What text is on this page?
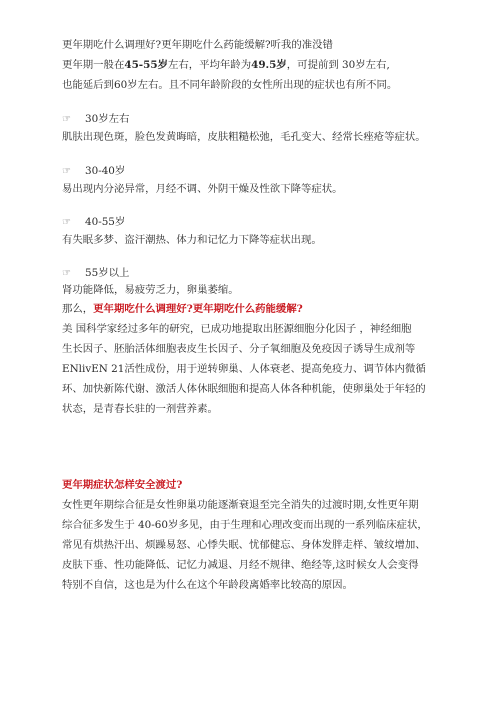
更年期吃什么调理好?更年期吃什么药能缓解?听我的准没错
更年期一般在45-55岁左右，平均年龄为49.5岁，可提前到 30岁左右,
也能延后到60岁左右。且不同年龄阶段的女性所出现的症状也有所不同。
☞ 30岁左右
肌肤出现色斑，脸色发黄晦暗，皮肤粗糙松弛，毛孔变大、经常长痤疮等症状。
☞ 30-40岁
易出现内分泌异常，月经不调、外阴干燥及性欲下降等症状。
☞ 40-55岁
有失眠多梦、盗汗潮热、体力和记忆力下降等症状出现。
☞ 55岁以上
肾功能降低，易疲劳乏力，卵巢萎缩。
那么，更年期吃什么调理好?更年期吃什么药能缓解?
美 国科学家经过多年的研究，已成功地提取出胚源细胞分化因子 ，神经细胞
生长因子、胚胎活体细胞表皮生长因子、分子氧细胞及免疫因子诱导生成剂等
ENlivEN 21活性成份，用于逆转卵巢、人体衰老、提高免疫力、调节体内微循
环、加快新陈代谢、激活人体休眠细胞和提高人体各种机能，使卵巢处于年轻的
状态，是青春长驻的一剂营养素。
更年期症状怎样安全渡过?
女性更年期综合征是女性卵巢功能逐渐衰退至完全消失的过渡时期,女性更年期
综合征多发生于 40-60岁多见，由于生理和心理改变而出现的一系列临床症状，
常见有烘热汗出、烦躁易怒、心悸失眠、忧郁健忘、身体发胖走样、皱纹增加、
皮肤下垂、性功能降低、记忆力减退、月经不规律、绝经等,这时候女人会变得
特别不自信，这也是为什么在这个年龄段离婚率比较高的原因。
